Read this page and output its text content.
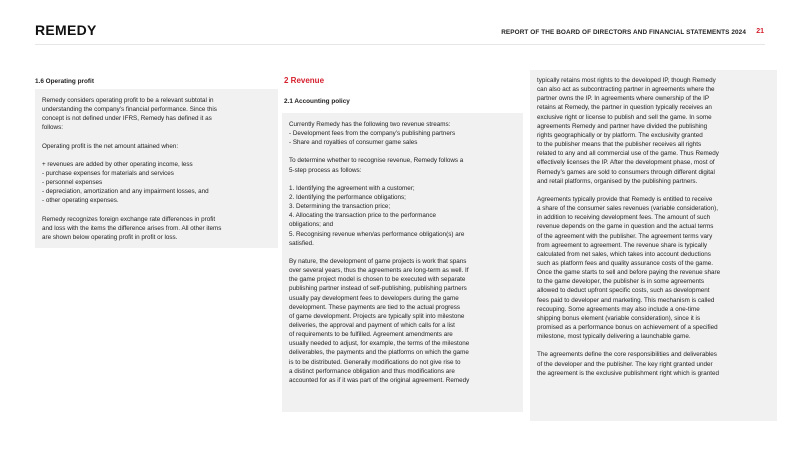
REMEDY	REPORT OF THE BOARD OF DIRECTORS AND FINANCIAL STATEMENTS 2024 21
1.6 Operating profit

Remedy considers operating profit to be a relevant subtotal in

understanding the company’s financial performance. Since this

concept is not defined under IFRS, Remedy has defined it as

follows:

Operating profit is the net amount attained when:

+ revenues are added by other operating income, less

- purchase expenses for materials and services

- personnel expenses

- depreciation, amortization and any impairment losses, and

- other operating expenses.

Remedy recognizes foreign exchange rate differences in profit

and loss with the items the difference arises from. All other items

are shown below operating profit in profit or loss.

2 Revenue
2.1 Accounting policy

Currently Remedy has the following two revenue streams:

- Development fees from the company’s publishing partners

- Share and royalties of consumer game sales

To determine whether to recognise revenue, Remedy follows a

5-step process as follows:

1. Identifying the agreement with a customer;

2. Identifying the performance obligations;

3. Determining the transaction price;

4. Allocating the transaction price to the performance

obligations; and

5. Recognising revenue when/as performance obligation(s) are

satisfied.

By nature, the development of game projects is work that spans

over several years, thus the agreements are long-term as well. If

the game project model is chosen to be executed with separate

publishing partner instead of self-publishing, publishing partners

usually pay development fees to developers during the game

development. These payments are tied to the actual progress

of game development. Projects are typically split into milestone

deliveries, the approval and payment of which calls for a list

of requirements to be fulfilled. Agreement amendments are

usually needed to adjust, for example, the terms of the milestone

deliverables, the payments and the platforms on which the game

is to be distributed. Generally modifications do not give rise to

a distinct performance obligation and thus modifications are

accounted for as if it was part of the original agreement. Remedy

typically retains most rights to the developed IP, though Remedy

can also act as subcontracting partner in agreements where the

partner owns the IP. In agreements where ownership of the IP

retains at Remedy, the partner in question typically receives an

exclusive right or license to publish and sell the game. In some

agreements Remedy and partner have divided the publishing

rights geographically or by platform. The exclusivity granted

to the publisher means that the publisher receives all rights

related to any and all commercial use of the game. Thus Remedy

effectively licenses the IP. After the development phase, most of

Remedy’s games are sold to consumers through different digital

and retail platforms, organised by the publishing partners.

Agreements typically provide that Remedy is entitled to receive

a share of the consumer sales revenues (variable consideration),

in addition to receiving development fees. The amount of such

revenue depends on the game in question and the actual terms

of the agreement with the publisher. The agreement terms vary

from agreement to agreement. The revenue share is typically

calculated from net sales, which takes into account deductions

such as platform fees and quality assurance costs of the game.

Once the game starts to sell and before paying the revenue share

to the game developer, the publisher is in some agreements

allowed to deduct upfront specific costs, such as development

fees paid to developer and marketing. This mechanism is called

recouping. Some agreements may also include a one-time

shipping bonus element (variable consideration), since it is

promised as a performance bonus on achievement of a specified

milestone, most typically delivering a launchable game.

The agreements define the core responsibilities and deliverables

of the developer and the publisher. The key right granted under

the agreement is the exclusive publishment right which is granted
